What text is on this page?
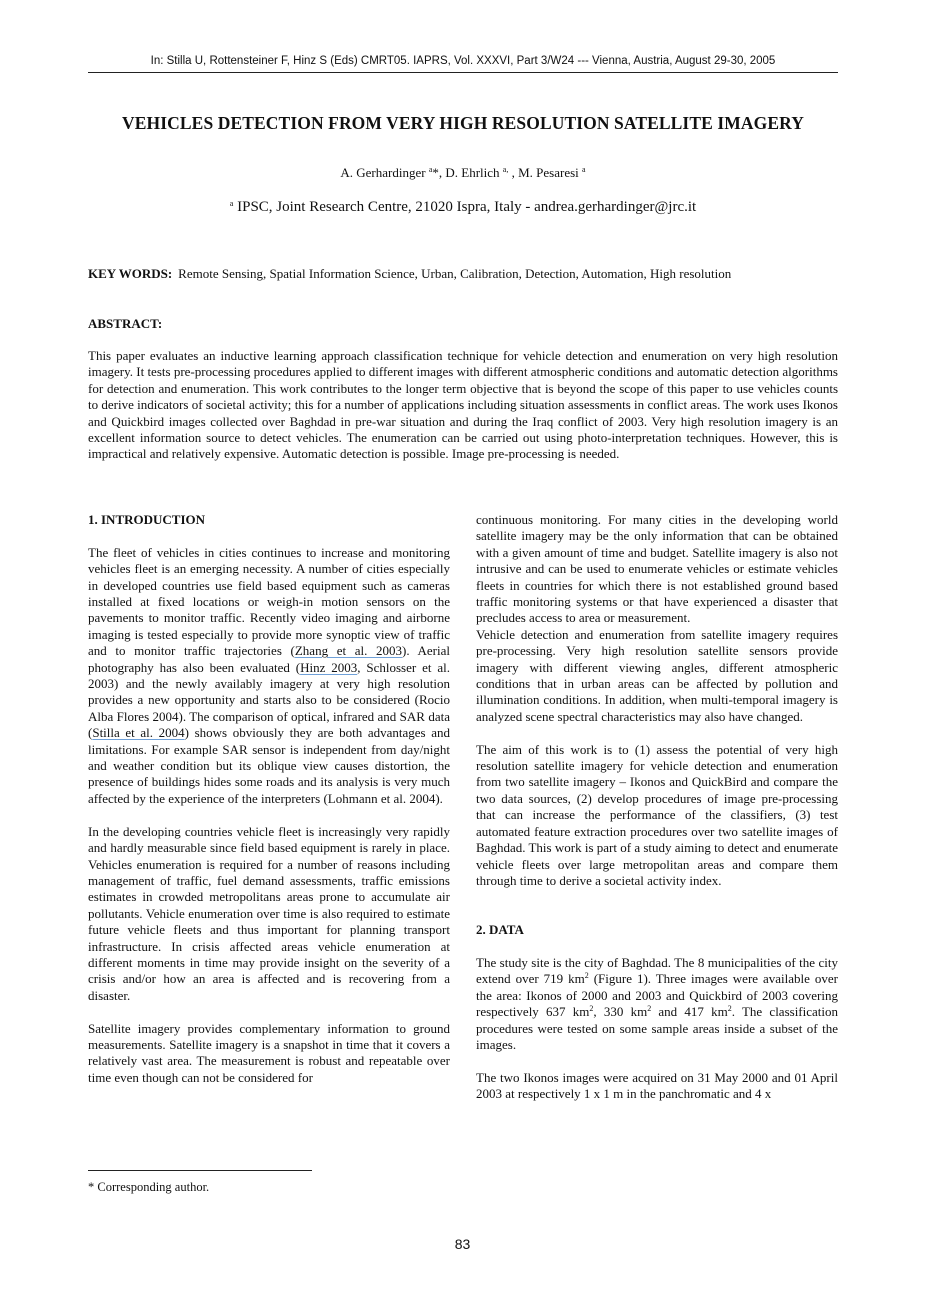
In: Stilla U, Rottensteiner F, Hinz S (Eds) CMRT05. IAPRS, Vol. XXXVI, Part 3/W24 --- Vienna, Austria, August 29-30, 2005
VEHICLES DETECTION FROM VERY HIGH RESOLUTION SATELLITE IMAGERY
A. Gerhardinger $^a$*, D. Ehrlich $^{a,}$ , M. Pesaresi $^a$
$^a$ IPSC, Joint Research Centre, 21020 Ispra, Italy - andrea.gerhardinger@jrc.it
KEY WORDS: Remote Sensing, Spatial Information Science, Urban, Calibration, Detection, Automation, High resolution
ABSTRACT:

This paper evaluates an inductive learning approach classification technique for vehicle detection and enumeration on very high resolution imagery. It tests pre-processing procedures applied to different images with different atmospheric conditions and automatic detection algorithms for detection and enumeration. This work contributes to the longer term objective that is beyond the scope of this paper to use vehicles counts to derive indicators of societal activity; this for a number of applications including situation assessments in conflict areas. The work uses Ikonos and Quickbird images collected over Baghdad in pre-war situation and during the Iraq conflict of 2003. Very high resolution imagery is an excellent information source to detect vehicles. The enumeration can be carried out using photo-interpretation techniques. However, this is impractical and relatively expensive. Automatic detection is possible. Image pre-processing is needed.

1. INTRODUCTION

The fleet of vehicles in cities continues to increase and monitoring vehicles fleet is an emerging necessity. A number of cities especially in developed countries use field based equipment such as cameras installed at fixed locations or weigh-in motion sensors on the pavements to monitor traffic. Recently video imaging and airborne imaging is tested especially to provide more synoptic view of traffic and to monitor traffic trajectories (Zhang et al. 2003). Aerial photography has also been evaluated (Hinz 2003, Schlosser et al. 2003) and the newly availably imagery at very high resolution provides a new opportunity and starts also to be considered (Rocio Alba Flores 2004). The comparison of optical, infrared and SAR data (Stilla et al. 2004) shows obviously they are both advantages and limitations. For example SAR sensor is independent from day/night and weather condition but its oblique view causes distortion, the presence of buildings hides some roads and its analysis is very much affected by the experience of the interpreters (Lohmann et al. 2004).

In the developing countries vehicle fleet is increasingly very rapidly and hardly measurable since field based equipment is rarely in place. Vehicles enumeration is required for a number of reasons including management of traffic, fuel demand assessments, traffic emissions estimates in crowded metropolitans areas prone to accumulate air pollutants. Vehicle enumeration over time is also required to estimate future vehicle fleets and thus important for planning transport infrastructure. In crisis affected areas vehicle enumeration at different moments in time may provide insight on the severity of a crisis and/or how an area is affected and is recovering from a disaster.

Satellite imagery provides complementary information to ground measurements. Satellite imagery is a snapshot in time that it covers a relatively vast area. The measurement is robust and repeatable over time even though can not be considered for

continuous monitoring. For many cities in the developing world satellite imagery may be the only information that can be obtained with a given amount of time and budget. Satellite imagery is also not intrusive and can be used to enumerate vehicles or estimate vehicles fleets in countries for which there is not established ground based traffic monitoring systems or that have experienced a disaster that precludes access to area or measurement.

Vehicle detection and enumeration from satellite imagery requires pre-processing. Very high resolution satellite sensors provide imagery with different viewing angles, different atmospheric conditions that in urban areas can be affected by pollution and illumination conditions. In addition, when multi-temporal imagery is analyzed scene spectral characteristics may also have changed.

The aim of this work is to (1) assess the potential of very high resolution satellite imagery for vehicle detection and enumeration from two satellite imagery – Ikonos and QuickBird and compare the two data sources, (2) develop procedures of image pre-processing that can increase the performance of the classifiers, (3) test automated feature extraction procedures over two satellite images of Baghdad. This work is part of a study aiming to detect and enumerate vehicle fleets over large metropolitan areas and compare them through time to derive a societal activity index.

2. DATA

The study site is the city of Baghdad. The 8 municipalities of the city extend over 719 $km^2$ (Figure 1). Three images were available over the area: Ikonos of 2000 and 2003 and Quickbird of 2003 covering respectively 637 $km^2$, 330 $km^2$ and 417 $km^2$. The classification procedures were tested on some sample areas inside a subset of the images.

The two Ikonos images were acquired on 31 May 2000 and 01 April 2003 at respectively 1 x 1 m in the panchromatic and 4 x

* Corresponding author.
83
